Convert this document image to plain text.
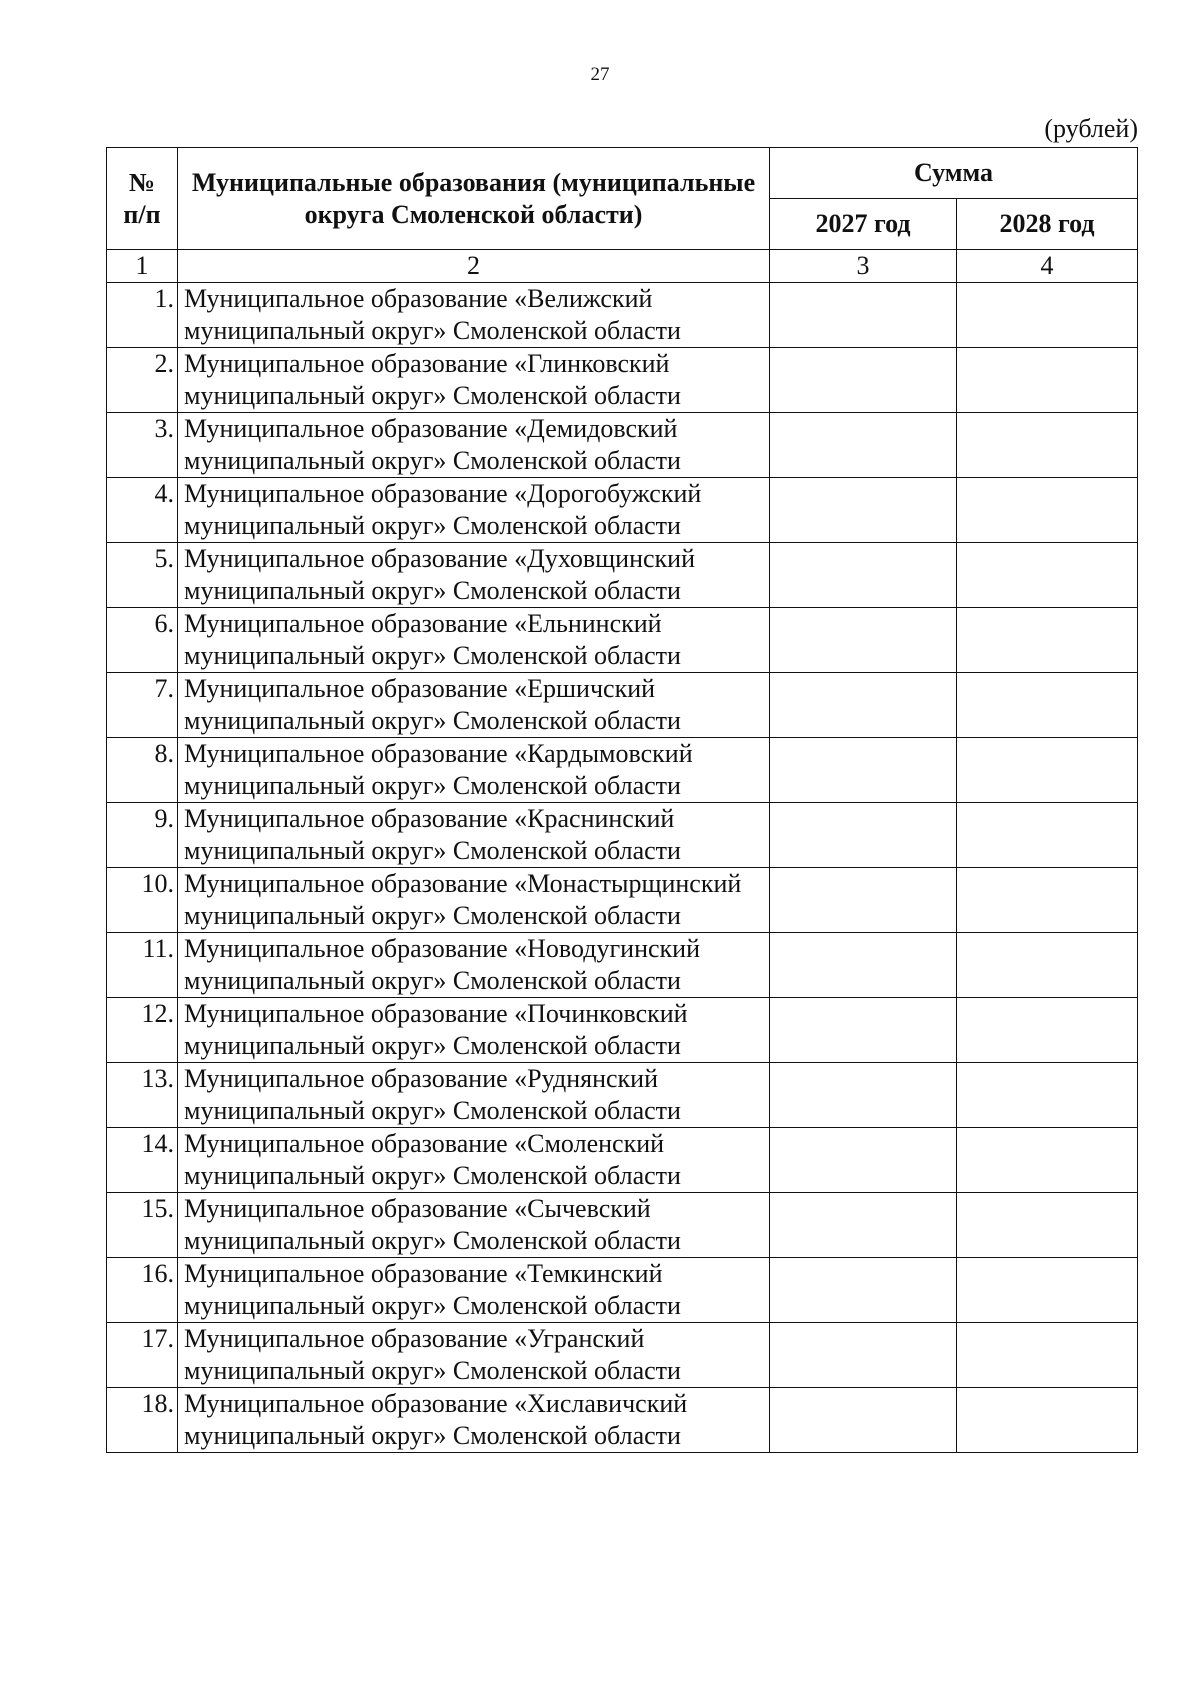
27
(рублей)
№
п/п	Муниципальные образования (муниципальные округа Смоленской области)	Сумма	
		2027 год	2028 год
1	2	3	4
1.	Муниципальное образование «Велижский муниципальный округ» Смоленской области		
2.	Муниципальное образование «Глинковский муниципальный округ» Смоленской области		
3.	Муниципальное образование «Демидовский муниципальный округ» Смоленской области		
4.	Муниципальное образование «Дорогобужский муниципальный округ» Смоленской области		
5.	Муниципальное образование «Духовщинский муниципальный округ» Смоленской области		
6.	Муниципальное образование «Ельнинский муниципальный округ» Смоленской области		
7.	Муниципальное образование «Ершичский муниципальный округ» Смоленской области		
8.	Муниципальное образование «Кардымовский муниципальный округ» Смоленской области		
9.	Муниципальное образование «Краснинский муниципальный округ» Смоленской области		
10.	Муниципальное образование «Монастырщинский муниципальный округ» Смоленской области		
11.	Муниципальное образование «Новодугинский муниципальный округ» Смоленской области		
12.	Муниципальное образование «Починковский муниципальный округ» Смоленской области		
13.	Муниципальное образование «Руднянский муниципальный округ» Смоленской области		
14.	Муниципальное образование «Смоленский муниципальный округ» Смоленской области		
15.	Муниципальное образование «Сычевский муниципальный округ» Смоленской области		
16.	Муниципальное образование «Темкинский муниципальный округ» Смоленской области		
17.	Муниципальное образование «Угранский муниципальный округ» Смоленской области		
18.	Муниципальное образование «Хиславичский муниципальный округ» Смоленской области		
